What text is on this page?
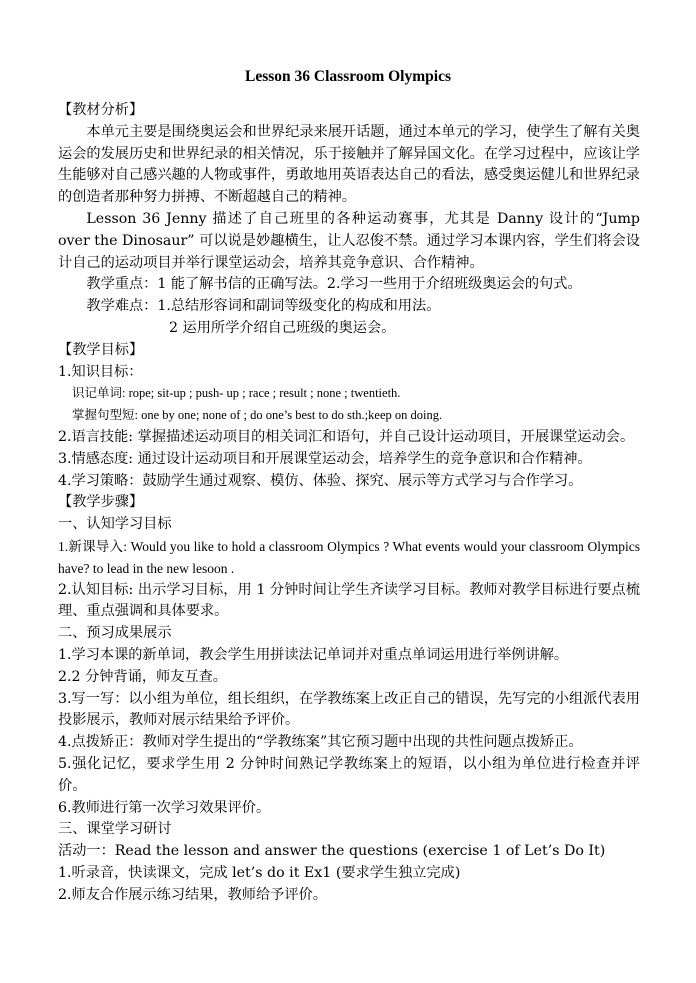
Lesson 36 Classroom Olympics

【教材分析】

本单元主要是围绕奥运会和世界纪录来展开话题，通过本单元的学习，使学生了解有关奥运会的发展历史和世界纪录的相关情况，乐于接触并了解异国文化。在学习过程中，应该让学生能够对自己感兴趣的人物或事件，勇敢地用英语表达自己的看法，感受奥运健儿和世界纪录的创造者那种努力拼搏、不断超越自己的精神。

Lesson 36 Jenny 描述了自己班里的各种运动赛事，尤其是 Danny 设计的“Jump over the Dinosaur” 可以说是妙趣横生，让人忍俊不禁。通过学习本课内容，学生们将会设计自己的运动项目并举行课堂运动会，培养其竞争意识、合作精神。

教学重点：1 能了解书信的正确写法。2.学习一些用于介绍班级奥运会的句式。

教学难点：1.总结形容词和副词等级变化的构成和用法。

2 运用所学介绍自己班级的奥运会。

【教学目标】

1.知识目标：

识记单词: rope; sit-up ; push- up ; race ; result ; none ; twentieth.

掌握句型短: one by one; none of ; do one’s best to do sth.;keep on doing.

2.语言技能: 掌握描述运动项目的相关词汇和语句，并自己设计运动项目，开展课堂运动会。

3.情感态度: 通过设计运动项目和开展课堂运动会，培养学生的竞争意识和合作精神。

4.学习策略：鼓励学生通过观察、模仿、体验、探究、展示等方式学习与合作学习。

【教学步骤】

一、认知学习目标

1.新课导入: Would you like to hold a classroom Olympics ? What events would your classroom Olympics have? to lead in the new lesoon .

2.认知目标: 出示学习目标，用 1 分钟时间让学生齐读学习目标。教师对教学目标进行要点梳理、重点强调和具体要求。

二、预习成果展示

1.学习本课的新单词，教会学生用拼读法记单词并对重点单词运用进行举例讲解。

2.2 分钟背诵，师友互查。

3.写一写：以小组为单位，组长组织，在学教练案上改正自己的错误，先写完的小组派代表用投影展示，教师对展示结果给予评价。

4.点拨矫正：教师对学生提出的“学教练案”其它预习题中出现的共性问题点拨矫正。

5.强化记忆，要求学生用 2 分钟时间熟记学教练案上的短语，以小组为单位进行检查并评价。

6.教师进行第一次学习效果评价。

三、课堂学习研讨

活动一：Read the lesson and answer the questions (exercise 1 of Let’s Do It)

1.听录音，快读课文，完成 let’s do it Ex1 (要求学生独立完成)

2.师友合作展示练习结果，教师给予评价。
